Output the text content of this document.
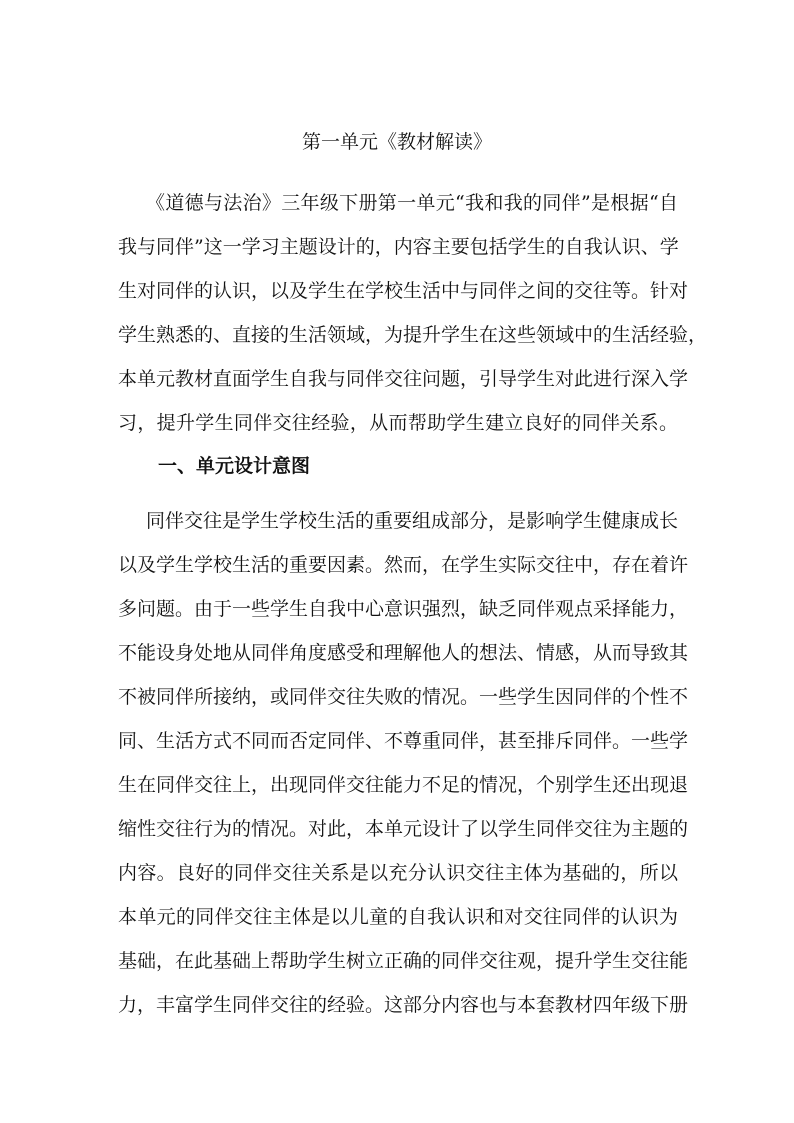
第一单元《教材解读》
《道德与法治》三年级下册第一单元“我和我的同伴”是根据“自
我与同伴”这一学习主题设计的，内容主要包括学生的自我认识、学
生对同伴的认识，以及学生在学校生活中与同伴之间的交往等。针对
学生熟悉的、直接的生活领域，为提升学生在这些领域中的生活经验，
本单元教材直面学生自我与同伴交往问题，引导学生对此进行深入学
习，提升学生同伴交往经验，从而帮助学生建立良好的同伴关系。
一、单元设计意图
同伴交往是学生学校生活的重要组成部分，是影响学生健康成长
以及学生学校生活的重要因素。然而，在学生实际交往中，存在着许
多问题。由于一些学生自我中心意识强烈，缺乏同伴观点采择能力，
不能设身处地从同伴角度感受和理解他人的想法、情感，从而导致其
不被同伴所接纳，或同伴交往失败的情况。一些学生因同伴的个性不
同、生活方式不同而否定同伴、不尊重同伴，甚至排斥同伴。一些学
生在同伴交往上，出现同伴交往能力不足的情况，个别学生还出现退
缩性交往行为的情况。对此，本单元设计了以学生同伴交往为主题的
内容。良好的同伴交往关系是以充分认识交往主体为基础的，所以
本单元的同伴交往主体是以儿童的自我认识和对交往同伴的认识为
基础，在此基础上帮助学生树立正确的同伴交往观，提升学生交往能
力，丰富学生同伴交往的经验。这部分内容也与本套教材四年级下册
